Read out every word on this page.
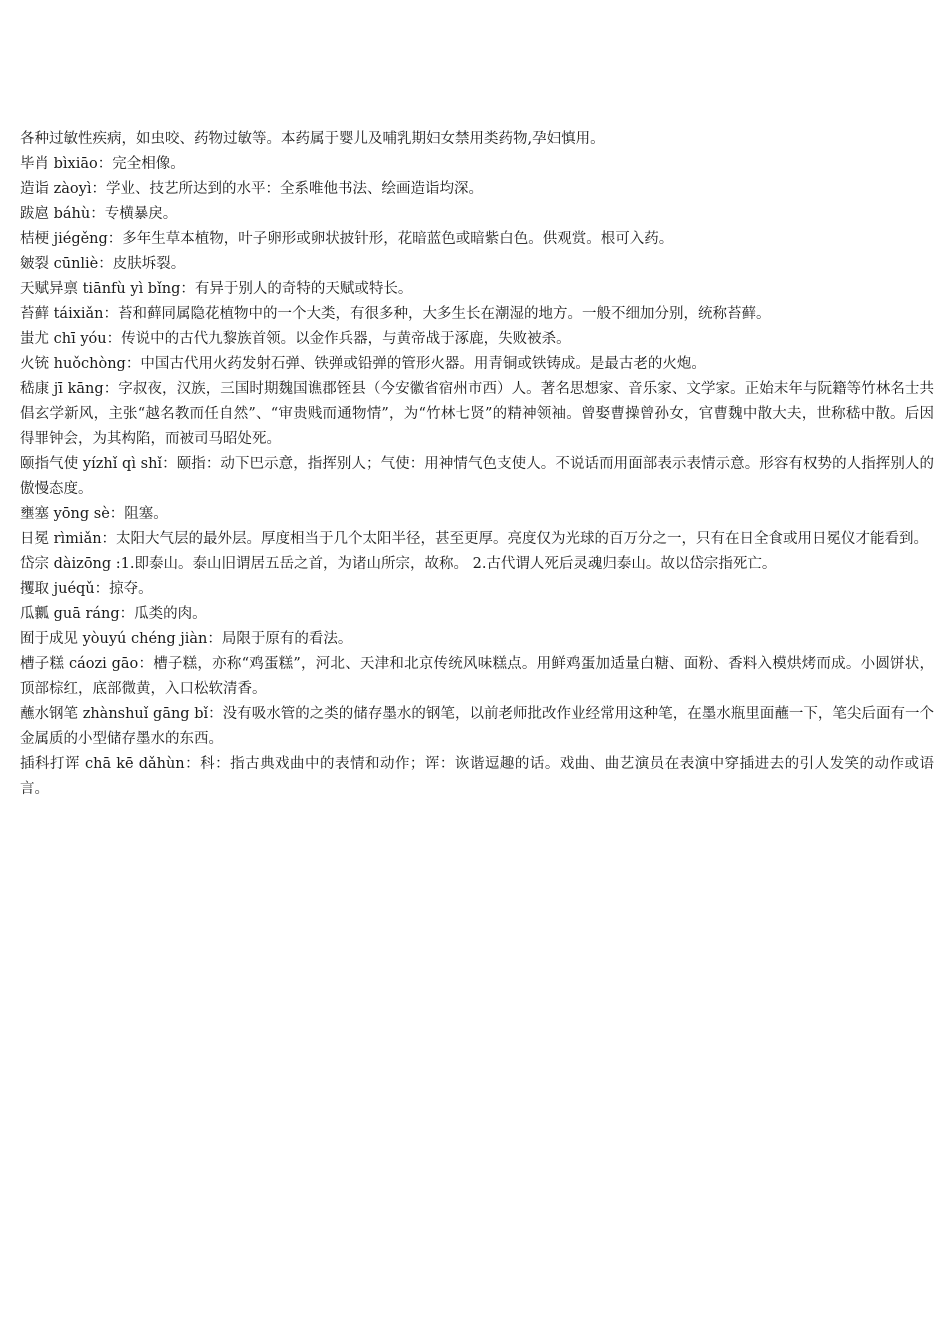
各种过敏性疾病，如虫咬、药物过敏等。本药属于婴儿及哺乳期妇女禁用类药物,孕妇慎用。

毕肖 bìxiāo：完全相像。

造诣 zàoyì：学业、技艺所达到的水平：全系唯他书法、绘画造诣均深。

跋扈 báhù：专横暴戾。

桔梗 jiégěng：多年生草本植物，叶子卵形或卵状披针形，花暗蓝色或暗紫白色。供观赏。根可入药。

皴裂 cūnliè：皮肤坼裂。

天赋异禀 tiānfù yì bǐng：有异于别人的奇特的天赋或特长。

苔藓 táixiǎn：苔和藓同属隐花植物中的一个大类，有很多种，大多生长在潮湿的地方。一般不细加分别，统称苔藓。

蚩尤 chī yóu：传说中的古代九黎族首领。以金作兵器，与黄帝战于涿鹿，失败被杀。

火铳 huǒchòng：中国古代用火药发射石弹、铁弹或铅弹的管形火器。用青铜或铁铸成。是最古老的火炮。

嵇康 jī kāng：字叔夜，汉族，三国时期魏国谯郡铚县（今安徽省宿州市西）人。著名思想家、音乐家、文学家。正始末年与阮籍等竹林名士共倡玄学新风，主张“越名教而任自然”、“审贵贱而通物情”，为“竹林七贤”的精神领袖。曾娶曹操曾孙女，官曹魏中散大夫，世称嵇中散。后因得罪钟会，为其构陷，而被司马昭处死。

颐指气使 yízhǐ qì shǐ：颐指：动下巴示意，指挥别人；气使：用神情气色支使人。不说话而用面部表示表情示意。形容有权势的人指挥别人的傲慢态度。

壅塞 yōng sè：阻塞。

日冕 rìmiǎn：太阳大气层的最外层。厚度相当于几个太阳半径，甚至更厚。亮度仅为光球的百万分之一，只有在日全食或用日冕仪才能看到。

岱宗 dàizōng :1.即泰山。泰山旧谓居五岳之首，为诸山所宗，故称。 2.古代谓人死后灵魂归泰山。故以岱宗指死亡。

攫取 juéqǔ：掠夺。

瓜瓤 guā ráng：瓜类的肉。

囿于成见 yòuyú chéng jiàn：局限于原有的看法。

槽子糕 cáozi gāo：槽子糕，亦称“鸡蛋糕”，河北、天津和北京传统风味糕点。用鲜鸡蛋加适量白糖、面粉、香料入模烘烤而成。小圆饼状，顶部棕红，底部微黄，入口松软清香。

蘸水钢笔 zhànshuǐ gāng bǐ：没有吸水管的之类的储存墨水的钢笔，以前老师批改作业经常用这种笔，在墨水瓶里面蘸一下，笔尖后面有一个金属质的小型储存墨水的东西。

插科打诨 chā kē dǎhùn：科：指古典戏曲中的表情和动作；诨：诙谐逗趣的话。戏曲、曲艺演员在表演中穿插进去的引人发笑的动作或语言。
